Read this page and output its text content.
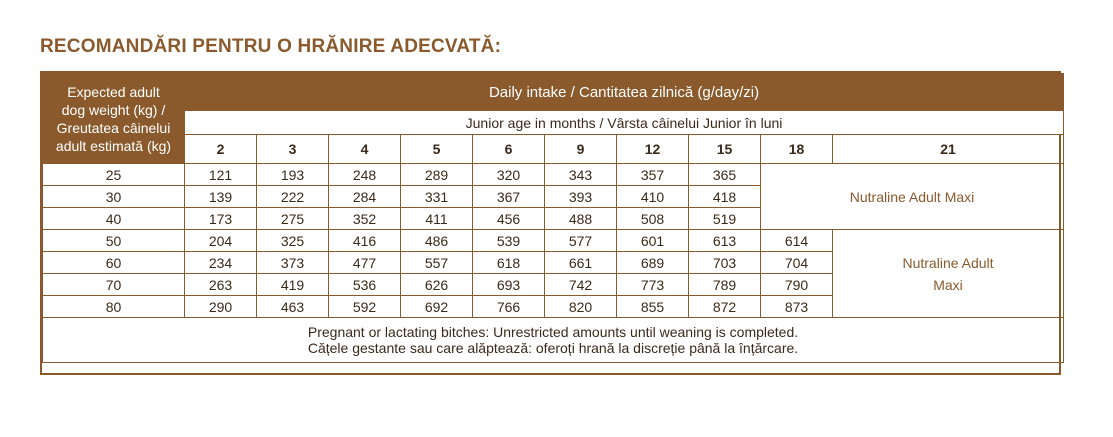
RECOMANDĂRI PENTRU O HRĂNIRE ADECVATĂ:
Expected adult
dog weight (kg) /
Greutatea câinelui
adult estimată (kg)	Daily intake / Cantitatea zilnică (g/day/zi)									
	Junior age in months / Vârsta câinelui Junior în luni									
	2	3	4	5	6	9	12	15	18	21
25	121	193	248	289	320	343	357	365	Nutraline Adult Maxi	
30	139	222	284	331	367	393	410	418		
40	173	275	352	411	456	488	508	519		
50	204	325	416	486	539	577	601	613	614	Nutraline Adult
Maxi

60	234	373	477	557	618	661	689	703	704	
70	263	419	536	626	693	742	773	789	790	
80	290	463	592	692	766	820	855	872	873	

Pregnant or lactating bitches: Unrestricted amounts until weaning is completed.
Cățele gestante sau care alăptează: oferoți hrană la discreție până la înțărcare.										
